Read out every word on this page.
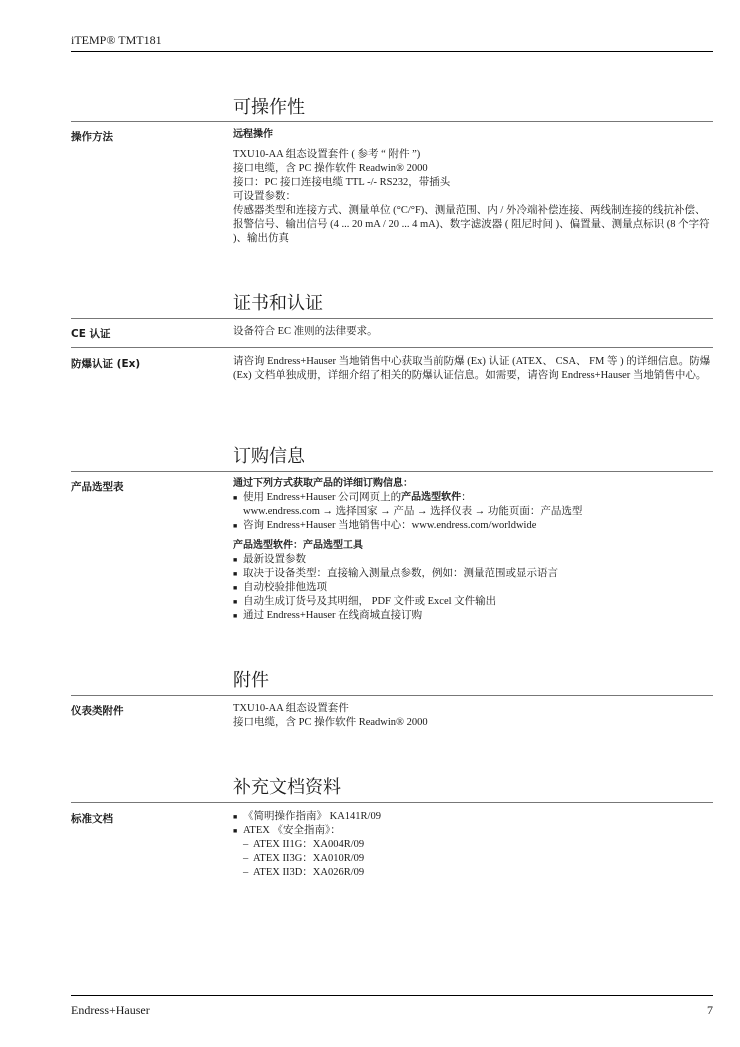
iTEMP® TMT181
可操作性
操作方法	远程操作

TXU10-AA 组态设置套件 ( 参考 “ 附件 ”)

接口电缆，含 PC 操作软件 Readwin® 2000

接口：PC 接口连接电缆 TTL -/- RS232，带插头

可设置参数：

传感器类型和连接方式、测量单位 (°C/°F)、测量范围、内 / 外冷端补偿连接、两线制连接的线抗补偿、报警信号、输出信号 (4 ... 20 mA / 20 ... 4 mA)、数字滤波器 ( 阻尼时间 )、偏置量、测量点标识 (8 个字符 )、输出仿真

证书和认证
CE 认证	设备符合 EC 准则的法律要求。
防爆认证 (Ex)	请咨询 Endress+Hauser 当地销售中心获取当前防爆 (Ex) 认证 (ATEX、 CSA、 FM 等 ) 的详细信息。防爆 (Ex) 文档单独成册，详细介绍了相关的防爆认证信息。如需要，请咨询 Endress+Hauser 当地销售中心。
订购信息
产品选型表	通过下列方式获取产品的详细订购信息：

■ 使用 Endress+Hauser 公司网页上的产品选型软件：
www.endress.com → 选择国家 → 产品 → 选择仪表 → 功能页面：产品选型
■ 咨询 Endress+Hauser 当地销售中心：www.endress.com/worldwide

产品选型软件：产品选型工具

■ 最新设置参数
■ 取决于设备类型：直接输入测量点参数，例如：测量范围或显示语言
■ 自动校验排他选项
■ 自动生成订货号及其明细， PDF 文件或 Excel 文件输出
■ 通过 Endress+Hauser 在线商城直接订购
附件
仪表类附件	TXU10-AA 组态设置套件

接口电缆，含 PC 操作软件 Readwin® 2000

补充文档资料
标准文档
■	《简明操作指南》 KA141R/09
■ ATEX 《安全指南》：
– ATEX II1G：XA004R/09
– ATEX II3G：XA010R/09
– ATEX II3D：XA026R/09
Endress+Hauser	7
